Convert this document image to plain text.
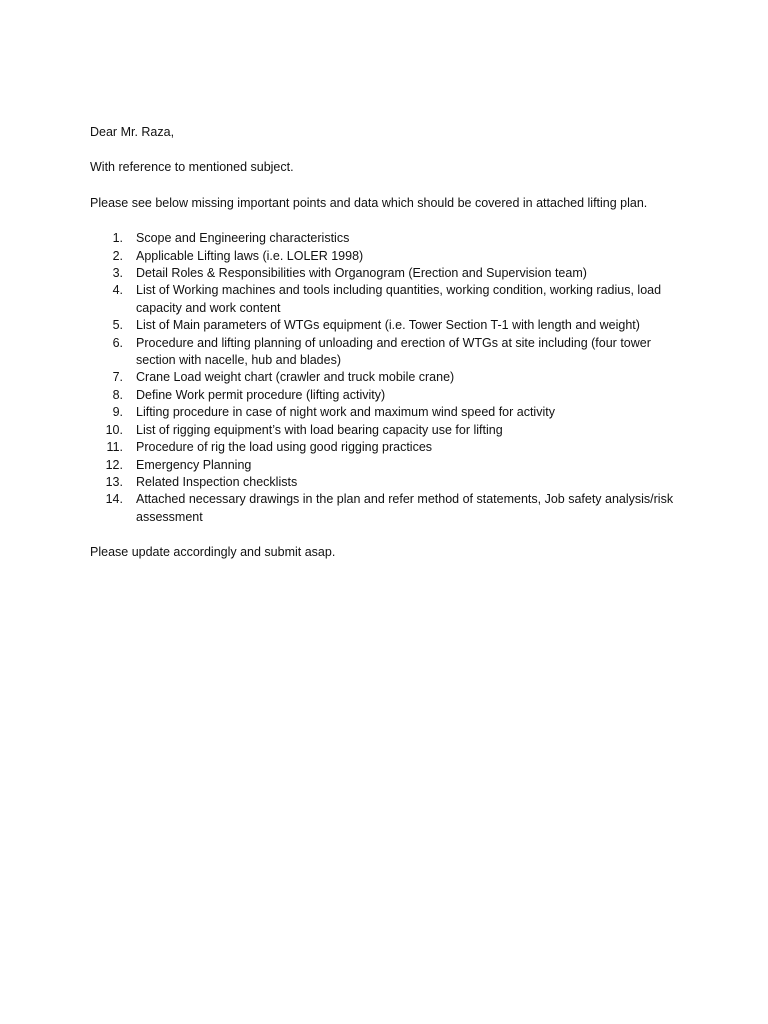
Dear Mr. Raza,

With reference to mentioned subject.

Please see below missing important points and data which should be covered in attached lifting plan.

1. Scope and Engineering characteristics
2. Applicable Lifting laws (i.e. LOLER 1998)
3. Detail Roles & Responsibilities with Organogram (Erection and Supervision team)
4. List of Working machines and tools including quantities, working condition, working radius, load capacity and work content
5. List of Main parameters of WTGs equipment (i.e. Tower Section T-1 with length and weight)
6. Procedure and lifting planning of unloading and erection of WTGs at site including (four tower section with nacelle, hub and blades)
7. Crane Load weight chart (crawler and truck mobile crane)
8. Define Work permit procedure (lifting activity)
9. Lifting procedure in case of night work and maximum wind speed for activity
10. List of rigging equipment’s with load bearing capacity use for lifting
11. Procedure of rig the load using good rigging practices
12. Emergency Planning
13. Related Inspection checklists
14. Attached necessary drawings in the plan and refer method of statements, Job safety analysis/risk assessment

Please update accordingly and submit asap.
